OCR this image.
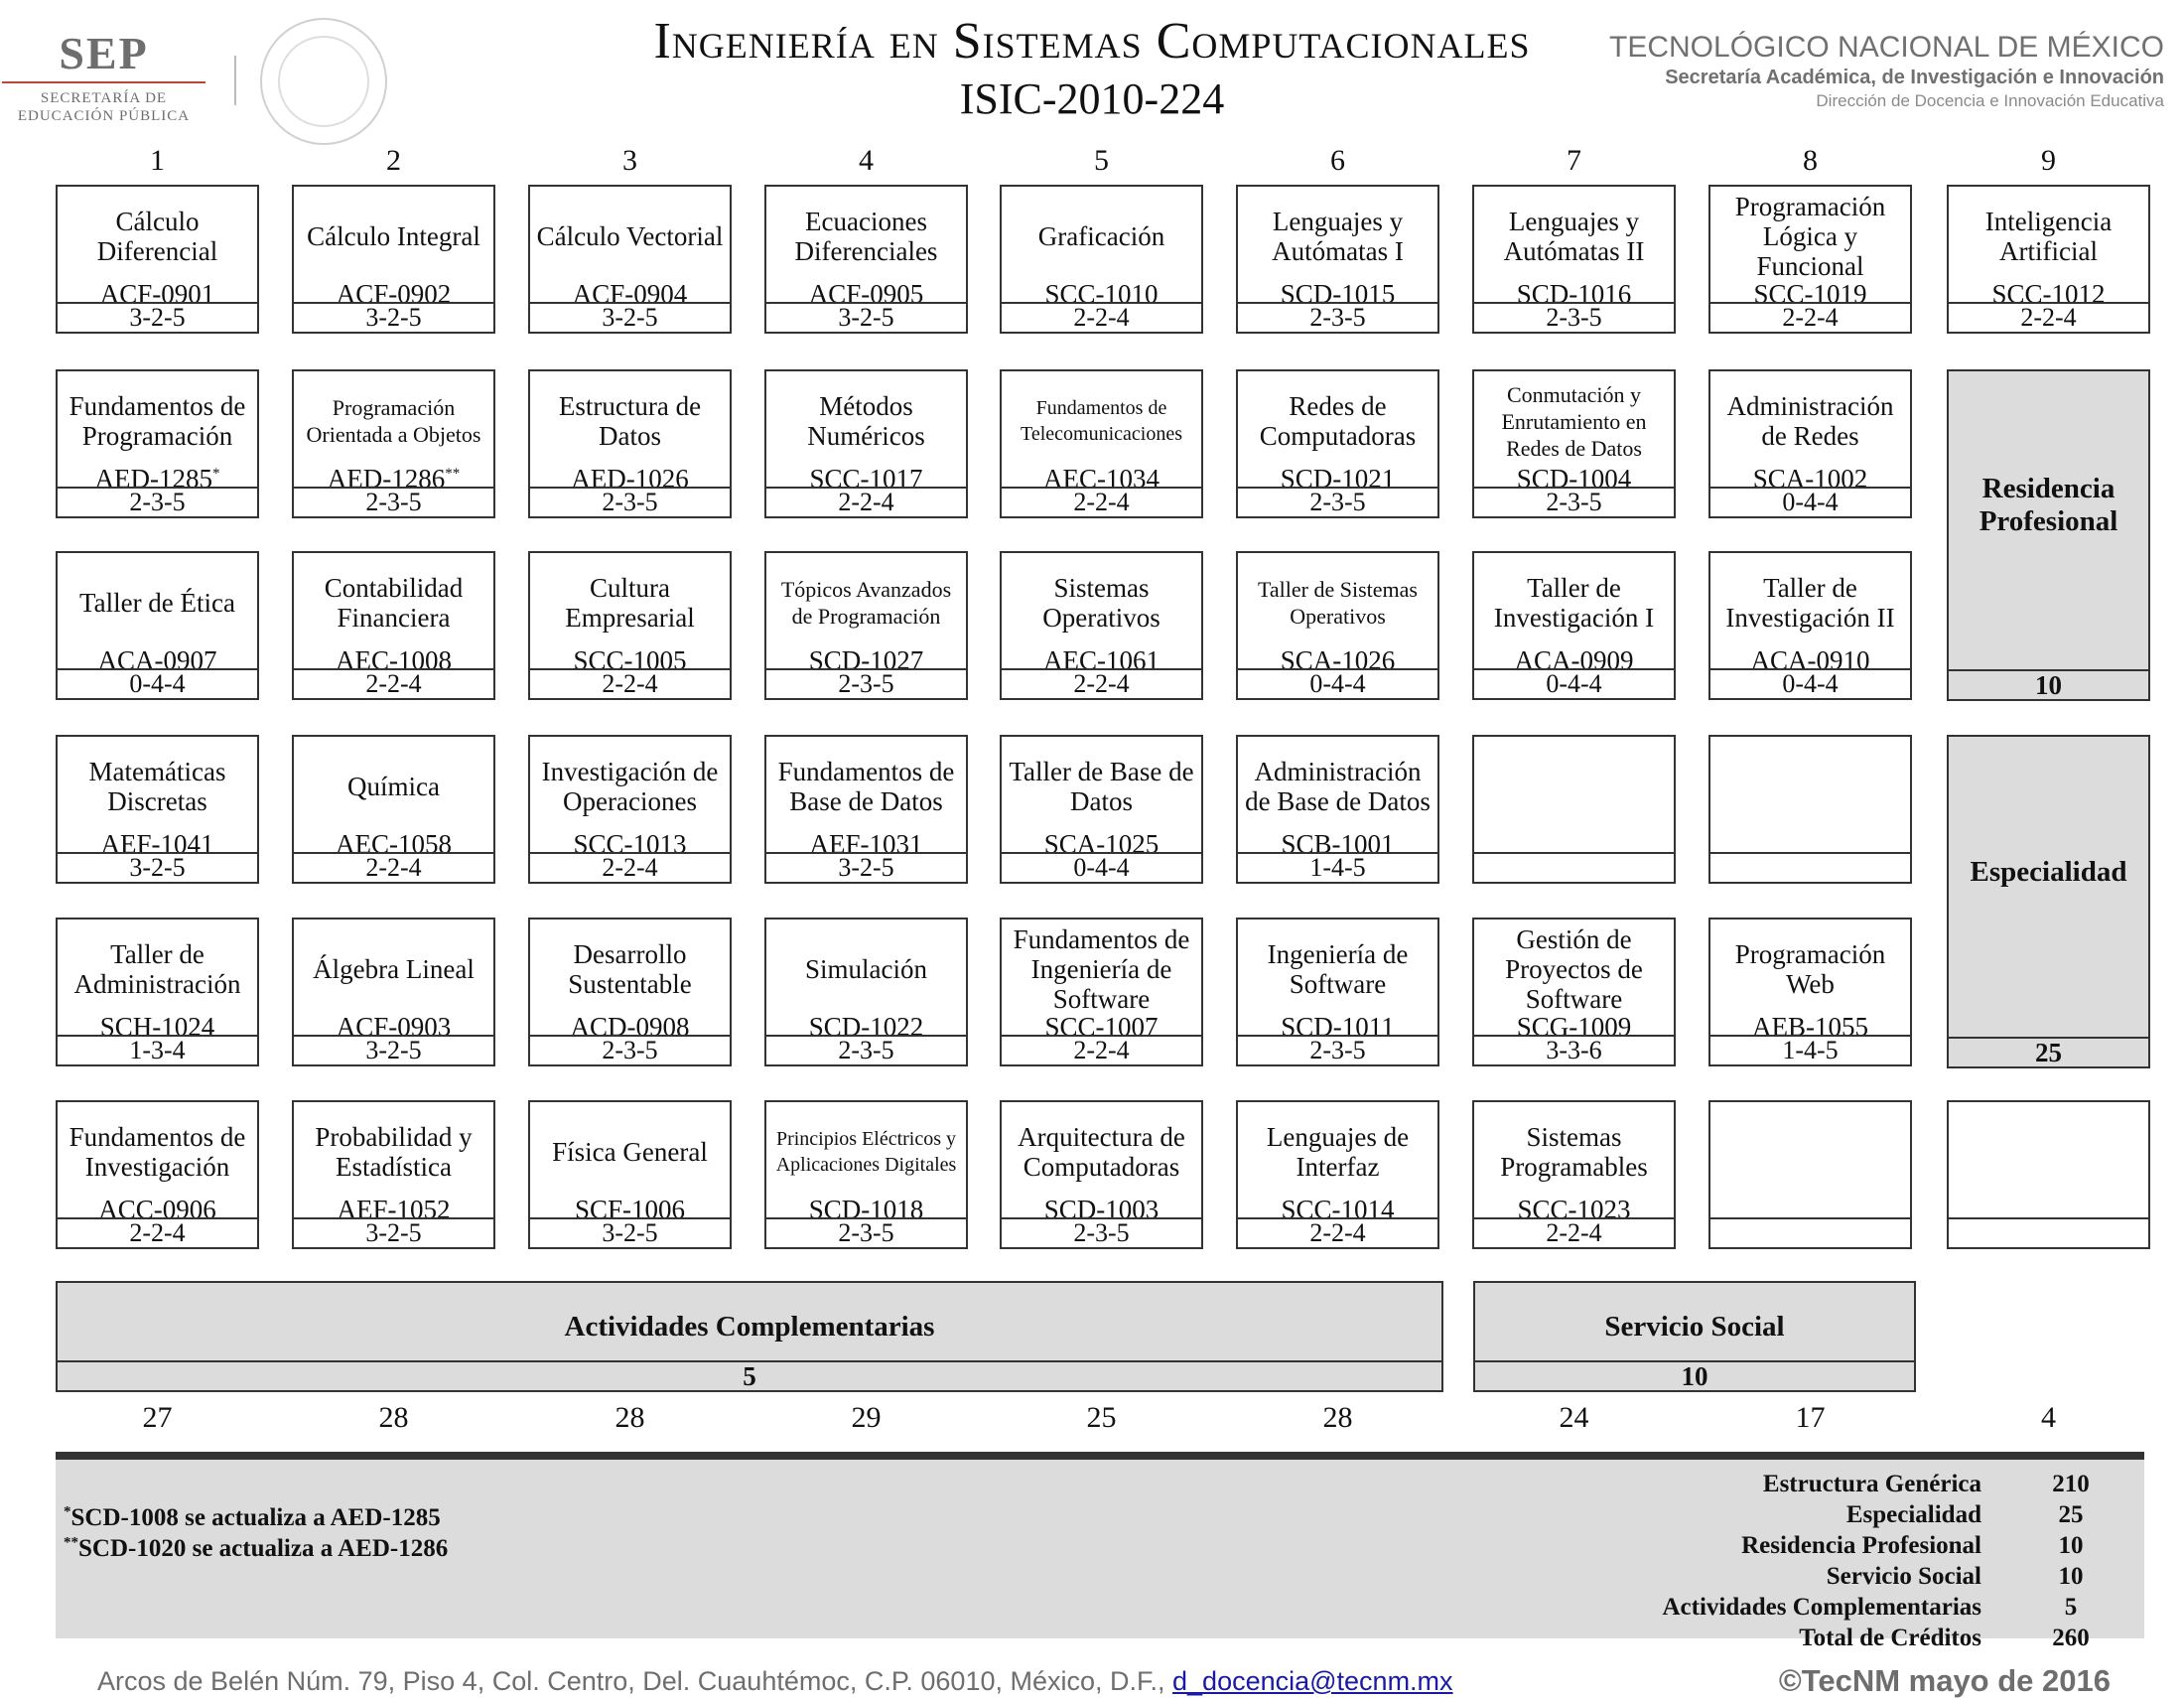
SEP
SECRETARÍA DE
EDUCACIÓN PÚBLICA
Ingeniería en Sistemas Computacionales
ISIC-2010-224
TECNOLÓGICO NACIONAL DE MÉXICO
Secretaría Académica, de Investigación e Innovación
Dirección de Docencia e Innovación Educativa
1	2	3	4	5	6	7	8	9
Cálculo Diferencial
ACF-0901
3-2-5
Cálculo Integral
ACF-0902
3-2-5
Cálculo Vectorial
ACF-0904
3-2-5
Ecuaciones Diferenciales
ACF-0905
3-2-5
Graficación
SCC-1010
2-2-4
Lenguajes y Autómatas I
SCD-1015
2-3-5
Lenguajes y Autómatas II
SCD-1016
2-3-5
Programación Lógica y Funcional
SCC-1019
2-2-4
Inteligencia Artificial
SCC-1012
2-2-4
Fundamentos de Programación
AED-1285*
2-3-5
Programación Orientada a Objetos
AED-1286**
2-3-5
Estructura de Datos
AED-1026
2-3-5
Métodos Numéricos
SCC-1017
2-2-4
Fundamentos de Telecomunicaciones
AEC-1034
2-2-4
Redes de Computadoras
SCD-1021
2-3-5
Conmutación y Enrutamiento en Redes de Datos
SCD-1004
2-3-5
Administración de Redes
SCA-1002
0-4-4
Taller de Ética
ACA-0907
0-4-4
Contabilidad Financiera
AEC-1008
2-2-4
Cultura Empresarial
SCC-1005
2-2-4
Tópicos Avanzados de Programación
SCD-1027
2-3-5
Sistemas Operativos
AEC-1061
2-2-4
Taller de Sistemas Operativos
SCA-1026
0-4-4
Taller de Investigación I
ACA-0909
0-4-4
Taller de Investigación II
ACA-0910
0-4-4
Matemáticas Discretas
AEF-1041
3-2-5
Química
AEC-1058
2-2-4
Investigación de Operaciones
SCC-1013
2-2-4
Fundamentos de Base de Datos
AEF-1031
3-2-5
Taller de Base de Datos
SCA-1025
0-4-4
Administración de Base de Datos
SCB-1001
1-4-5
Taller de Administración
SCH-1024
1-3-4
Álgebra Lineal
ACF-0903
3-2-5
Desarrollo Sustentable
ACD-0908
2-3-5
Simulación
SCD-1022
2-3-5
Fundamentos de Ingeniería de Software
SCC-1007
2-2-4
Ingeniería de Software
SCD-1011
2-3-5
Gestión de Proyectos de Software
SCG-1009
3-3-6
Programación Web
AEB-1055
1-4-5
Fundamentos de Investigación
ACC-0906
2-2-4
Probabilidad y Estadística
AEF-1052
3-2-5
Física General
SCF-1006
3-2-5
Principios Eléctricos y Aplicaciones Digitales
SCD-1018
2-3-5
Arquitectura de Computadoras
SCD-1003
2-3-5
Lenguajes de Interfaz
SCC-1014
2-2-4
Sistemas Programables
SCC-1023
2-2-4
Residencia Profesional
10
Especialidad
25
Actividades Complementarias
5
Servicio Social
10
27	28	28	29	25	28	24	17	4
*SCD-1008 se actualiza a AED-1285
**SCD-1020 se actualiza a AED-1286
Estructura Genérica	210
Especialidad	25
Residencia Profesional	10
Servicio Social	10
Actividades Complementarias	5
Total de Créditos	260
Arcos de Belén Núm. 79, Piso 4, Col. Centro, Del. Cuauhtémoc, C.P. 06010, México, D.F., d_docencia@tecnm.mx	©TecNM mayo de 2016
